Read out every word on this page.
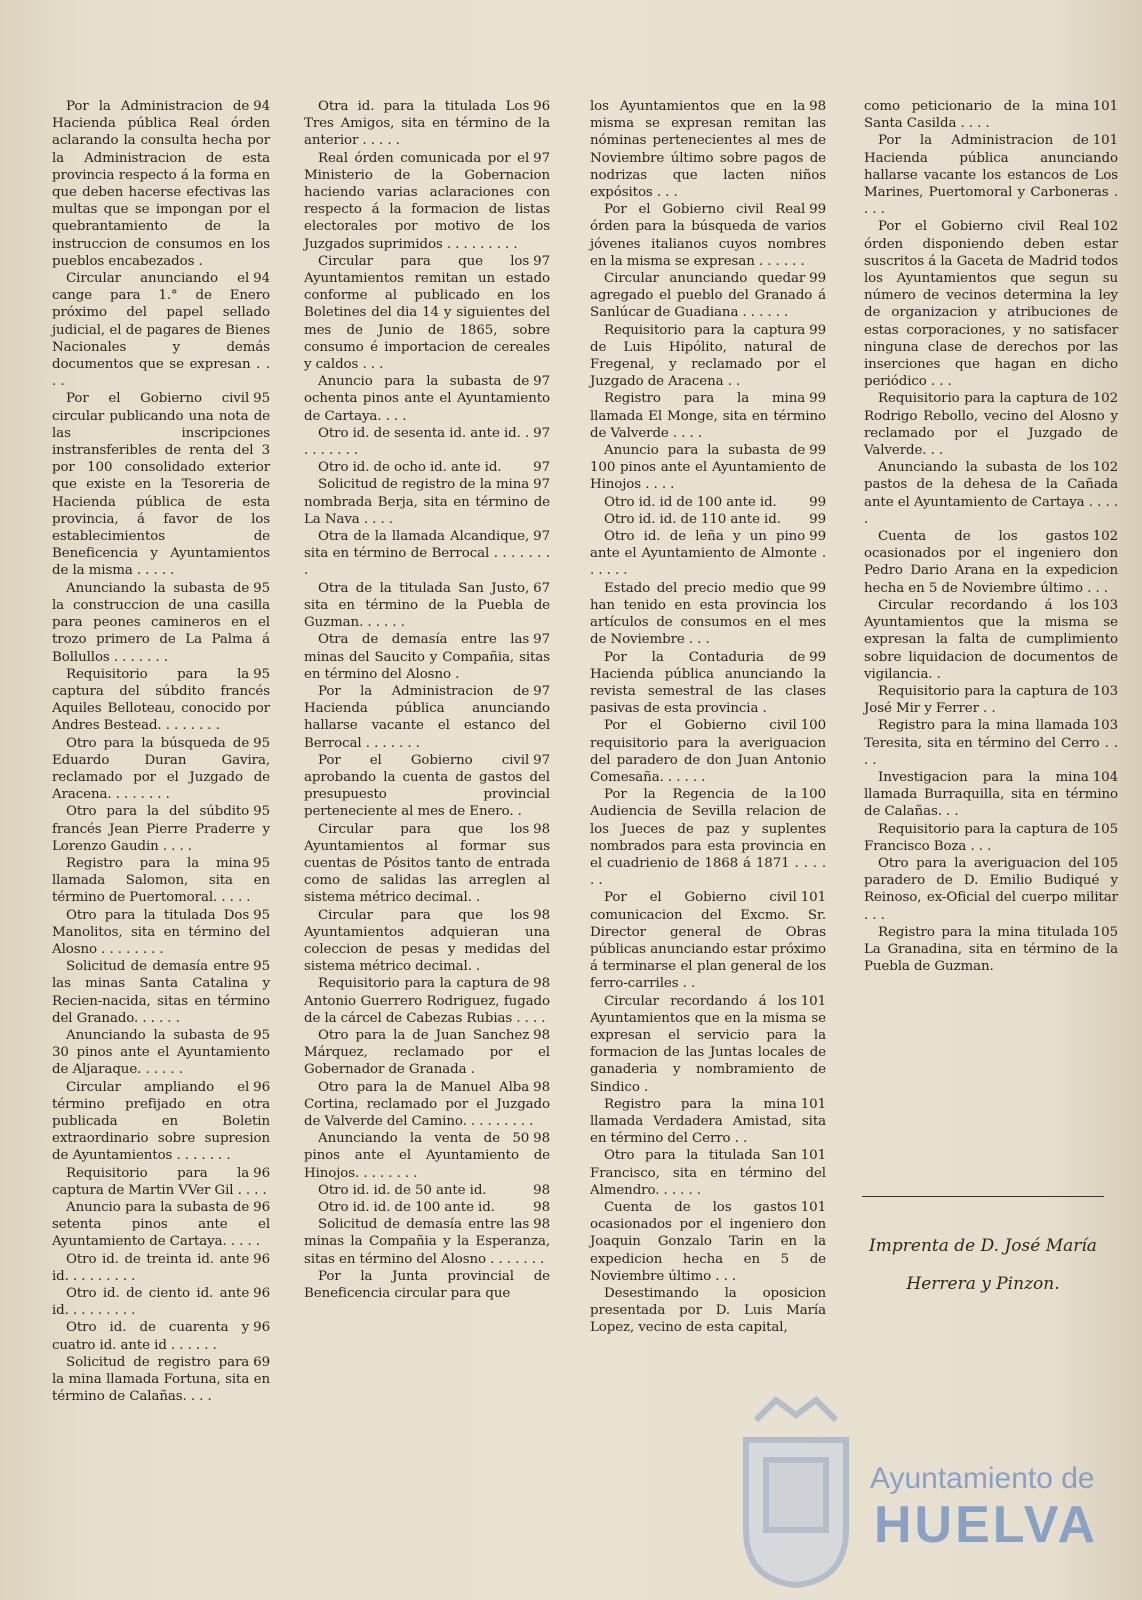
94
Por la Administracion de Hacienda pública Real órden aclarando la consulta hecha por la Administracion de esta provincia respecto á la forma en que deben hacerse efectivas las multas que se impongan por el quebrantamiento de la instruccion de consumos en los pueblos encabezados .

94
Circular anunciando el cange para 1.° de Enero próximo del papel sellado judicial, el de pagares de Bienes Nacionales y demás documentos que se expresan . . . .

95
Por el Gobierno civil circular publicando una nota de las inscripciones instransferibles de renta del 3 por 100 consolidado exterior que existe en la Tesoreria de Hacienda pública de esta provincia, á favor de los establecimientos de Beneficencia y Ayuntamientos de la misma . . . . .

95
Anunciando la subasta de la construccion de una casilla para peones camineros en el trozo primero de La Palma á Bollullos . . . . . . .

95
Requisitorio para la captura del súbdito francés Aquiles Belloteau, conocido por Andres Bestead. . . . . . . .

95
Otro para la búsqueda de Eduardo Duran Gavira, reclamado por el Juzgado de Aracena. . . . . . . .

95
Otro para la del súbdito francés Jean Pierre Praderre y Lorenzo Gaudin . . . .

95
Registro para la mina llamada Salomon, sita en término de Puertomoral. . . . .

95
Otro para la titulada Dos Manolitos, sita en término del Alosno . . . . . . . .

95
Solicitud de demasía entre las minas Santa Catalina y Recien-nacida, sitas en término del Granado. . . . . .

95
Anunciando la subasta de 30 pinos ante el Ayuntamiento de Aljaraque. . . . . .

96
Circular ampliando el término prefijado en otra publicada en Boletin extraordinario sobre supresion de Ayuntamientos . . . . . . .

96
Requisitorio para la captura de Martin VVer Gil . . . .

96
Anuncio para la subasta de setenta pinos ante el Ayuntamiento de Cartaya. . . . .

96
Otro id. de treinta id. ante id. . . . . . . . .

96
Otro id. de ciento id. ante id. . . . . . . . .

96
Otro id. de cuarenta y cuatro id. ante id . . . . . .

69
Solicitud de registro para la mina llamada Fortuna, sita en término de Calañas. . . .

96
Otra id. para la titulada Los Tres Amigos, sita en término de la anterior . . . . .

97
Real órden comunicada por el Ministerio de la Gobernacion haciendo varias aclaraciones con respecto á la formacion de listas electorales por motivo de los Juzgados suprimidos . . . . . . . . .

97
Circular para que los Ayuntamientos remitan un estado conforme al publicado en los Boletines del dia 14 y siguientes del mes de Junio de 1865, sobre consumo é importacion de cereales y caldos . . .

97
Anuncio para la subasta de ochenta pinos ante el Ayuntamiento de Cartaya. . . .

97
Otro id. de sesenta id. ante id. . . . . . . . .

97
Otro id. de ocho id. ante id.

97
Solicitud de registro de la mina nombrada Berja, sita en término de La Nava . . . .

97
Otra de la llamada Alcandique, sita en término de Berrocal . . . . . . . .

67
Otra de la titulada San Justo, sita en término de la Puebla de Guzman. . . . . .

97
Otra de demasía entre las minas del Saucito y Compañia, sitas en término del Alosno .

97
Por la Administracion de Hacienda pública anunciando hallarse vacante el estanco del Berrocal . . . . . . .

97
Por el Gobierno civil aprobando la cuenta de gastos del presupuesto provincial perteneciente al mes de Enero. .

98
Circular para que los Ayuntamientos al formar sus cuentas de Pósitos tanto de entrada como de salidas las arreglen al sistema métrico decimal. .

98
Circular para que los Ayuntamientos adquieran una coleccion de pesas y medidas del sistema métrico decimal. .

98
Requisitorio para la captura de Antonio Guerrero Rodriguez, fugado de la cárcel de Cabezas Rubias . . . .

98
Otro para la de Juan Sanchez Márquez, reclamado por el Gobernador de Granada .

98
Otro para la de Manuel Alba Cortina, reclamado por el Juzgado de Valverde del Camino. . . . . . . . .

98
Anunciando la venta de 50 pinos ante el Ayuntamiento de Hinojos. . . . . . . .

98
Otro id. id. de 50 ante id.

98
Otro id. id. de 100 ante id.

98
Solicitud de demasía entre las minas la Compañia y la Esperanza, sitas en término del Alosno . . . . . . .

Por la Junta provincial de Beneficencia circular para que

98
los Ayuntamientos que en la misma se expresan remitan las nóminas pertenecientes al mes de Noviembre último sobre pagos de nodrizas que lacten niños expósitos . . .

99
Por el Gobierno civil Real órden para la búsqueda de varios jóvenes italianos cuyos nombres en la misma se expresan . . . . . .

99
Circular anunciando quedar agregado el pueblo del Granado á Sanlúcar de Guadiana . . . . . .

99
Requisitorio para la captura de Luis Hipólito, natural de Fregenal, y reclamado por el Juzgado de Aracena . .

99
Registro para la mina llamada El Monge, sita en término de Valverde . . . .

99
Anuncio para la subasta de 100 pinos ante el Ayuntamiento de Hinojos . . . .

99
Otro id. id de 100 ante id.

99
Otro id. id. de 110 ante id.

99
Otro id. de leña y un pino ante el Ayuntamiento de Almonte . . . . . .

99
Estado del precio medio que han tenido en esta provincia los artículos de consumos en el mes de Noviembre . . .

99
Por la Contaduria de Hacienda pública anunciando la revista semestral de las clases pasivas de esta provincia .

100
Por el Gobierno civil requisitorio para la averiguacion del paradero de don Juan Antonio Comesaña. . . . . .

100
Por la Regencia de la Audiencia de Sevilla relacion de los Jueces de paz y suplentes nombrados para esta provincia en el cuadrienio de 1868 á 1871 . . . . . .

101
Por el Gobierno civil comunicacion del Excmo. Sr. Director general de Obras públicas anunciando estar próximo á terminarse el plan general de los ferro-carriles . .

101
Circular recordando á los Ayuntamientos que en la misma se expresan el servicio para la formacion de las Juntas locales de ganaderia y nombramiento de Sindico .

101
Registro para la mina llamada Verdadera Amistad, sita en término del Cerro . .

101
Otro para la titulada San Francisco, sita en término del Almendro. . . . . .

101
Cuenta de los gastos ocasionados por el ingeniero don Joaquin Gonzalo Tarin en la expedicion hecha en 5 de Noviembre último . . .

Desestimando la oposicion presentada por D. Luis María Lopez, vecino de esta capital,

101
como peticionario de la mina Santa Casilda . . . .

101
Por la Administracion de Hacienda pública anunciando hallarse vacante los estancos de Los Marines, Puertomoral y Carboneras . . . .

102
Por el Gobierno civil Real órden disponiendo deben estar suscritos á la Gaceta de Madrid todos los Ayuntamientos que segun su número de vecinos determina la ley de organizacion y atribuciones de estas corporaciones, y no satisfacer ninguna clase de derechos por las inserciones que hagan en dicho periódico . . .

102
Requisitorio para la captura de Rodrigo Rebollo, vecino del Alosno y reclamado por el Juzgado de Valverde. . .

102
Anunciando la subasta de los pastos de la dehesa de la Cañada ante el Ayuntamiento de Cartaya . . . . .

102
Cuenta de los gastos ocasionados por el ingeniero don Pedro Dario Arana en la expedicion hecha en 5 de Noviembre último . . .

103
Circular recordando á los Ayuntamientos que la misma se expresan la falta de cumplimiento sobre liquidacion de documentos de vigilancia. .

103
Requisitorio para la captura de José Mir y Ferrer . .

103
Registro para la mina llamada Teresita, sita en término del Cerro . . . .

104
Investigacion para la mina llamada Burraquilla, sita en término de Calañas. . .

105
Requisitorio para la captura de Francisco Boza . . .

105
Otro para la averiguacion del paradero de D. Emilio Budiqué y Reinoso, ex-Oficial del cuerpo militar . . .

105
Registro para la mina titulada La Granadina, sita en término de la Puebla de Guzman.

Imprenta de D. José María
Herrera y Pinzon.
Ayuntamiento de
HUELVA
